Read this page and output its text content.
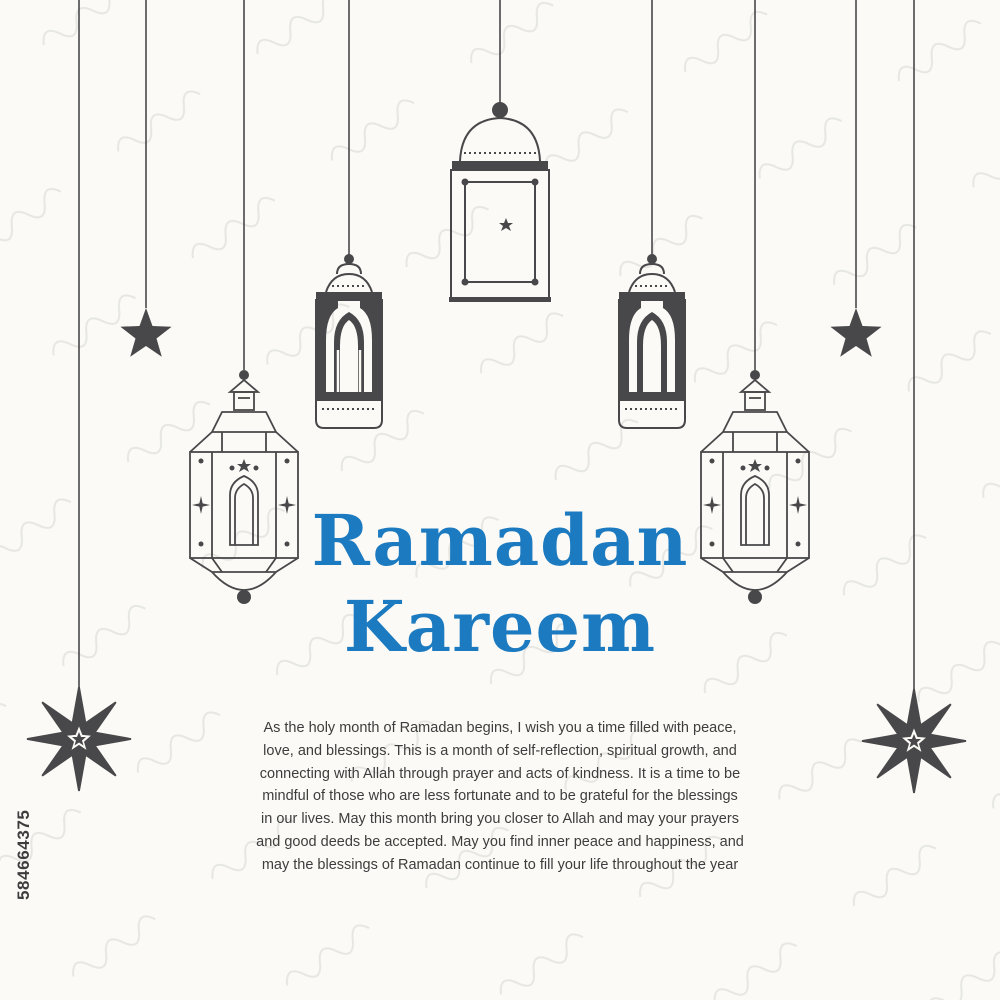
Ramadan
Kareem

As the holy month of Ramadan begins, I wish you a time filled with peace, love, and blessings. This is a month of self-reflection, spiritual growth, and connecting with Allah through prayer and acts of kindness. It is a time to be mindful of those who are less fortunate and to be grateful for the blessings in our lives. May this month bring you closer to Allah and may your prayers and good deeds be accepted. May you find inner peace and happiness, and may the blessings of Ramadan continue to fill your life throughout the year

584664375
